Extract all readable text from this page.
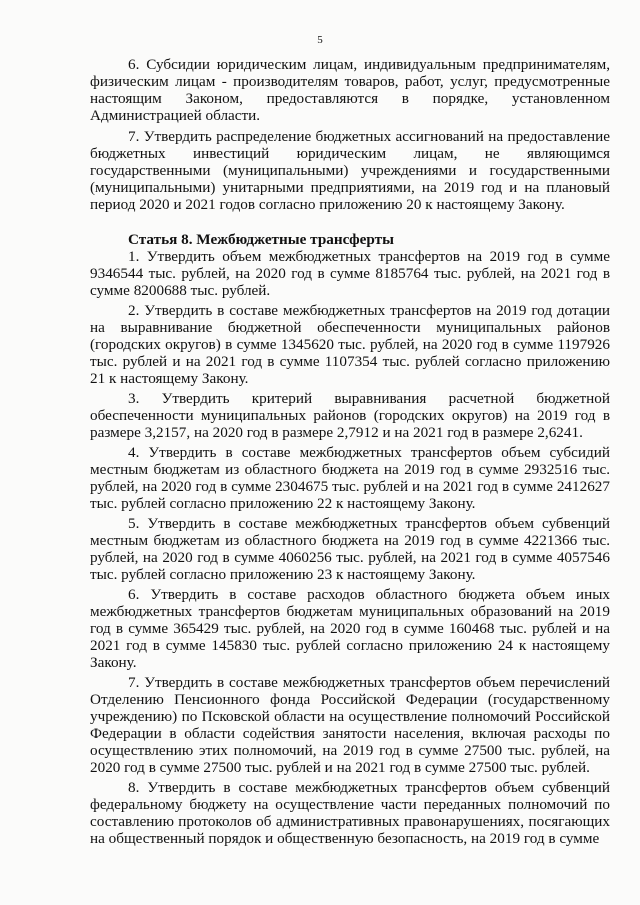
5

6. Субсидии юридическим лицам, индивидуальным предпринимателям, физическим лицам - производителям товаров, работ, услуг, предусмотренные настоящим Законом, предоставляются в порядке, установленном Администрацией области.

7. Утвердить распределение бюджетных ассигнований на предоставление бюджетных инвестиций юридическим лицам, не являющимся государственными (муниципальными) учреждениями и государственными (муниципальными) унитарными предприятиями, на 2019 год и на плановый период 2020 и 2021 годов согласно приложению 20 к настоящему Закону.

Статья 8. Межбюджетные трансферты

1. Утвердить объем межбюджетных трансфертов на 2019 год в сумме 9346544 тыс. рублей, на 2020 год в сумме 8185764 тыс. рублей, на 2021 год в сумме 8200688 тыс. рублей.

2. Утвердить в составе межбюджетных трансфертов на 2019 год дотации на выравнивание бюджетной обеспеченности муниципальных районов (городских округов) в сумме 1345620 тыс. рублей, на 2020 год в сумме 1197926 тыс. рублей и на 2021 год в сумме 1107354 тыс. рублей согласно приложению 21 к настоящему Закону.

3. Утвердить критерий выравнивания расчетной бюджетной обеспеченности муниципальных районов (городских округов) на 2019 год в размере 3,2157, на 2020 год в размере 2,7912 и на 2021 год в размере 2,6241.

4. Утвердить в составе межбюджетных трансфертов объем субсидий местным бюджетам из областного бюджета на 2019 год в сумме 2932516 тыс. рублей, на 2020 год в сумме 2304675 тыс. рублей и на 2021 год в сумме 2412627 тыс. рублей согласно приложению 22 к настоящему Закону.

5. Утвердить в составе межбюджетных трансфертов объем субвенций местным бюджетам из областного бюджета на 2019 год в сумме 4221366 тыс. рублей, на 2020 год в сумме 4060256 тыс. рублей, на 2021 год в сумме 4057546 тыс. рублей согласно приложению 23 к настоящему Закону.

6. Утвердить в составе расходов областного бюджета объем иных межбюджетных трансфертов бюджетам муниципальных образований на 2019 год в сумме 365429 тыс. рублей, на 2020 год в сумме 160468 тыс. рублей и на 2021 год в сумме 145830 тыс. рублей согласно приложению 24 к настоящему Закону.

7. Утвердить в составе межбюджетных трансфертов объем перечислений Отделению Пенсионного фонда Российской Федерации (государственному учреждению) по Псковской области на осуществление полномочий Российской Федерации в области содействия занятости населения, включая расходы по осуществлению этих полномочий, на 2019 год в сумме 27500 тыс. рублей, на 2020 год в сумме 27500 тыс. рублей и на 2021 год в сумме 27500 тыс. рублей.

8. Утвердить в составе межбюджетных трансфертов объем субвенций федеральному бюджету на осуществление части переданных полномочий по составлению протоколов об административных правонарушениях, посягающих на общественный порядок и общественную безопасность, на 2019 год в сумме
